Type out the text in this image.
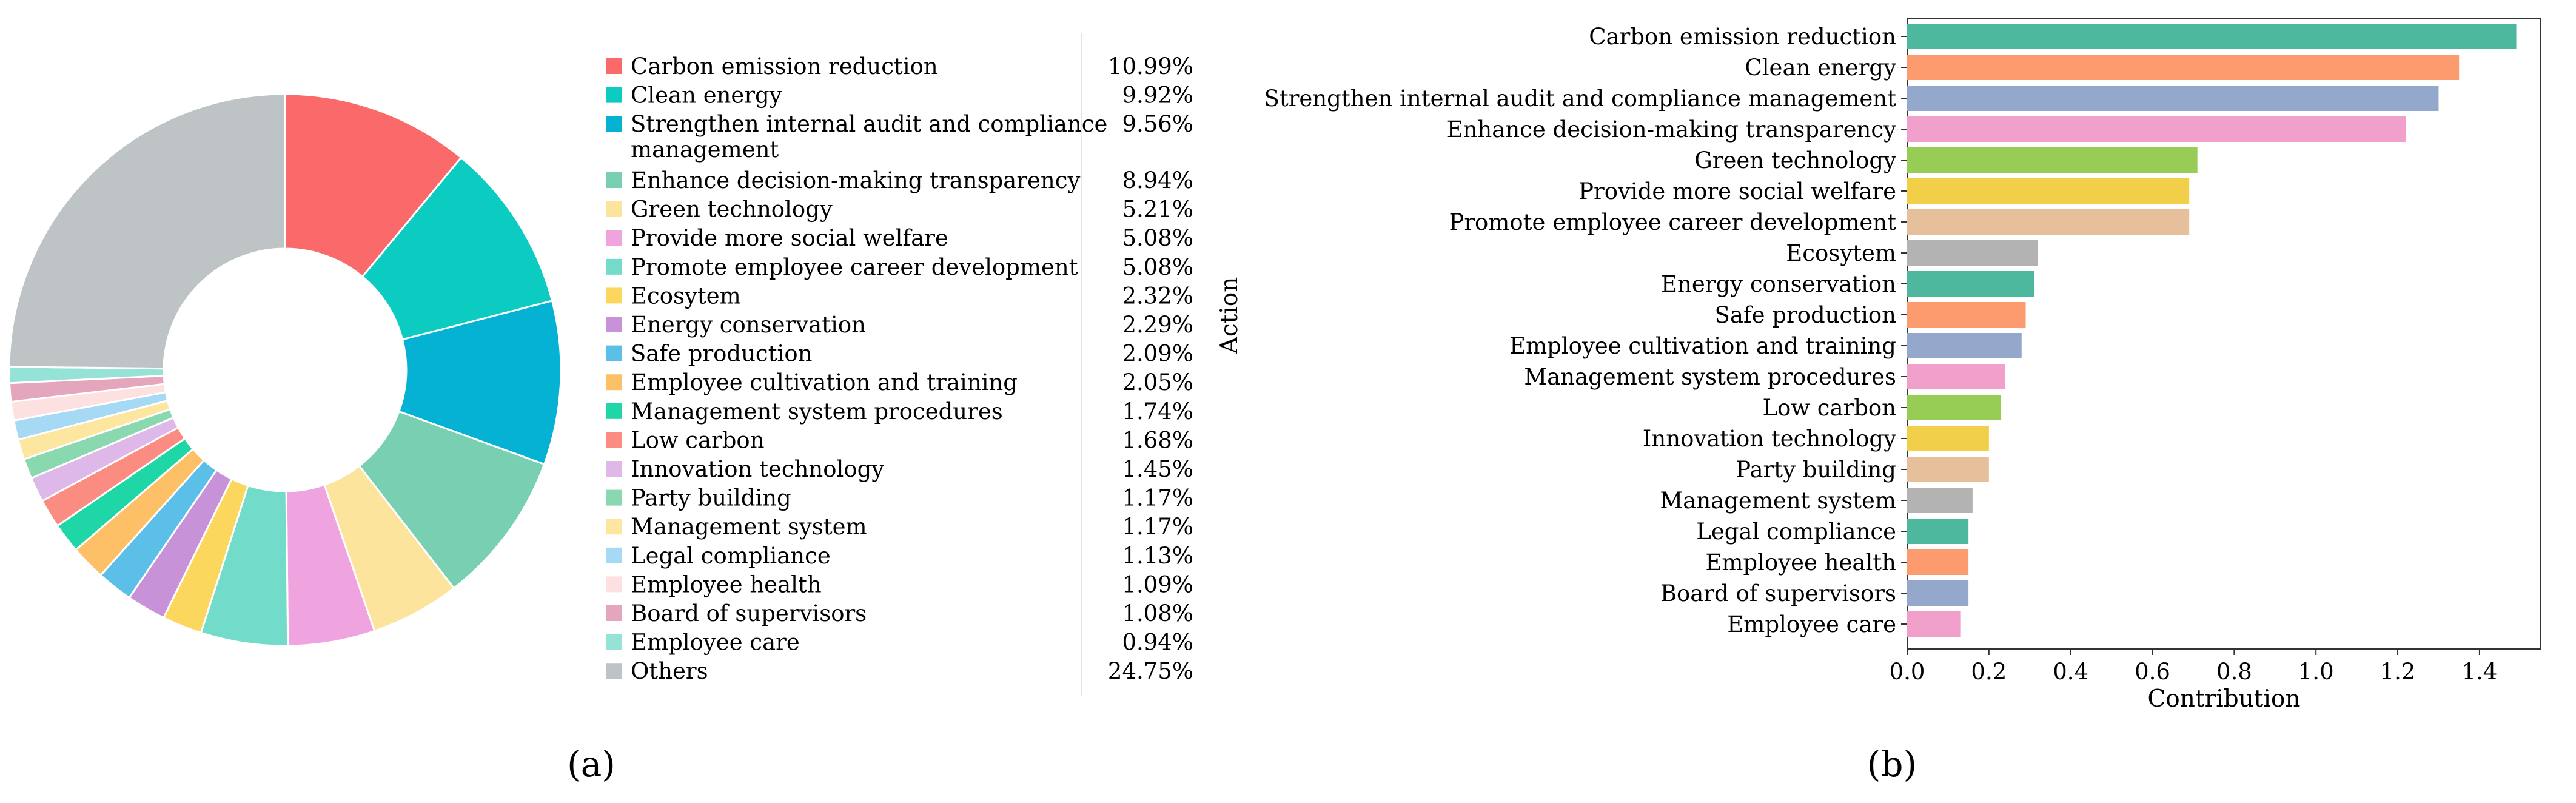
Carbon emission reduction	10.99%
Clean energy	9.92%
Strengthen internal audit and compliance
management
9.56%
Enhance decision-making transparency 8.94%
Green technology	5.21%
Provide more social welfare	5.08%
Promote employee career development 5.08%
Ecosytem	2.32%
Energy conservation	2.29%
Safe production	2.09%
Employee cultivation and training	2.05%
Management system procedures	1.74%
Low carbon	1.68%
Innovation technology	1.45%
Party building	1.17%
Management system	1.17%
Legal compliance	1.13%
Employee health	1.09%
Board of supervisors	1.08%
Employee care	0.94%
Others	24.75%
Carbon emission reduction
Clean energy
Strengthen internal audit and compliance management
Enhance decision-making transparency
Green technology
Provide more social welfare
Promote employee career development
Ecosytem
Energy conservation
Safe production
Employee cultivation and training
Management system procedures
Low carbon
Innovation technology
Party building
Management system
Legal compliance
Employee health
Board of supervisors
Employee care
0.0 0.2 0.4 0.6 0.8 1.0 1.2 1.4
Contribution
Action
(a)	(b)
